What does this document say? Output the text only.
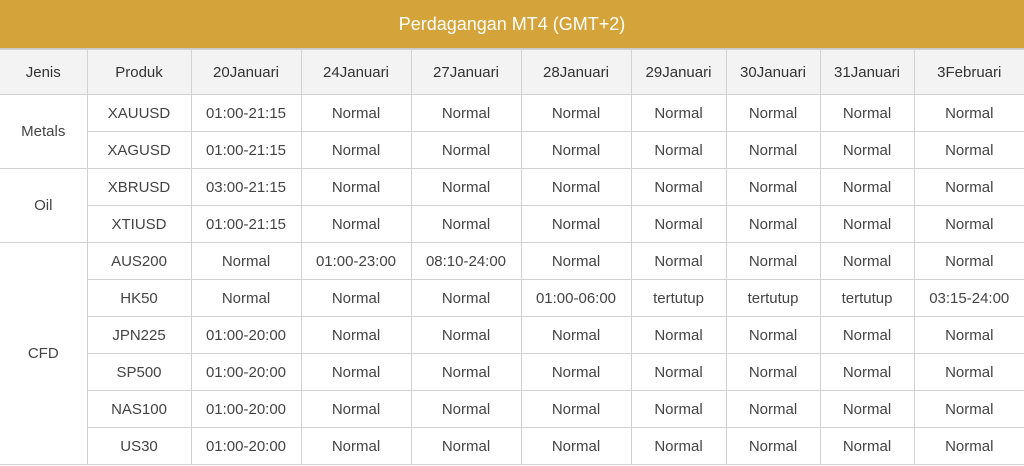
Perdagangan MT4 (GMT+2)
Jenis	Produk	20Januari	24Januari	27Januari	28Januari	29Januari	30Januari	31Januari	3Februari
Metals	XAUUSD	01:00-21:15	Normal	Normal	Normal	Normal	Normal	Normal	Normal
	XAGUSD	01:00-21:15	Normal	Normal	Normal	Normal	Normal	Normal	Normal
Oil	XBRUSD	03:00-21:15	Normal	Normal	Normal	Normal	Normal	Normal	Normal
	XTIUSD	01:00-21:15	Normal	Normal	Normal	Normal	Normal	Normal	Normal
CFD	AUS200	Normal	01:00-23:00	08:10-24:00	Normal	Normal	Normal	Normal	Normal
	HK50	Normal	Normal	Normal	01:00-06:00	tertutup	tertutup	tertutup	03:15-24:00
	JPN225	01:00-20:00	Normal	Normal	Normal	Normal	Normal	Normal	Normal
	SP500	01:00-20:00	Normal	Normal	Normal	Normal	Normal	Normal	Normal
	NAS100	01:00-20:00	Normal	Normal	Normal	Normal	Normal	Normal	Normal
	US30	01:00-20:00	Normal	Normal	Normal	Normal	Normal	Normal	Normal
